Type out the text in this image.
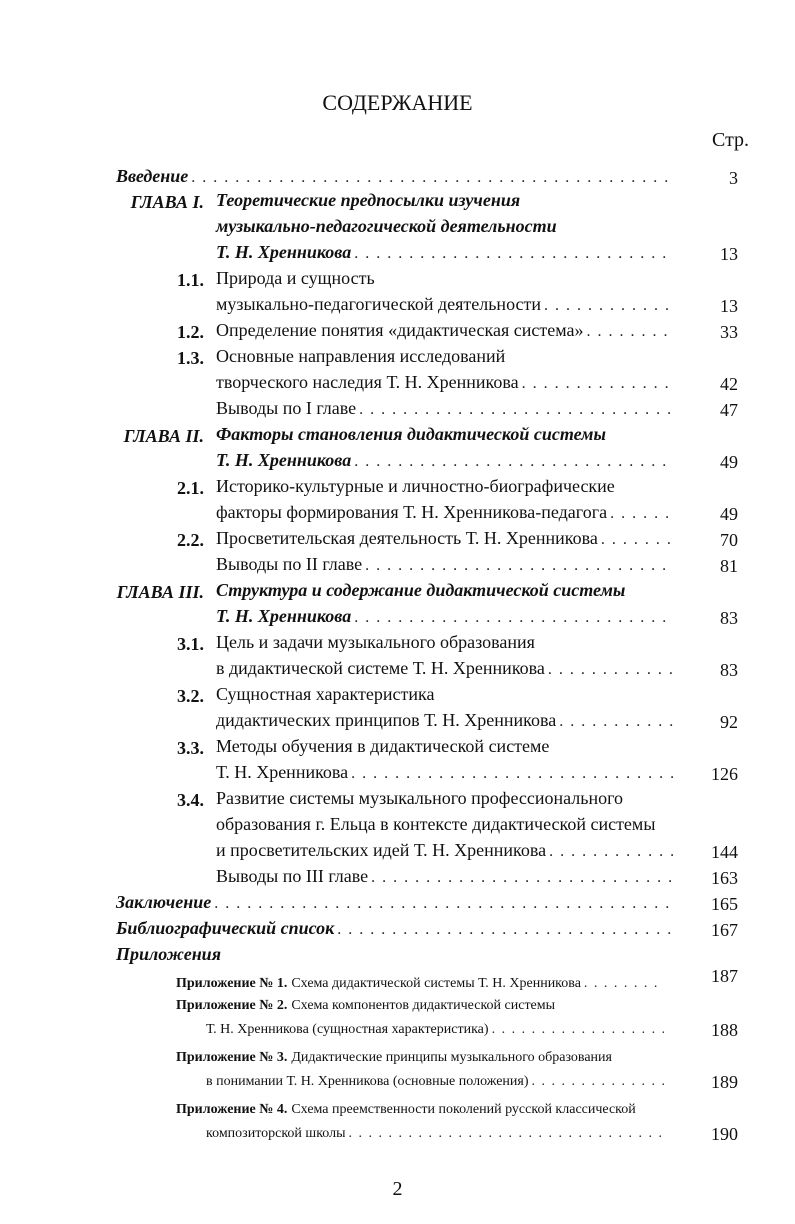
СОДЕРЖАНИЕ
Стр.
Введение . . .	3
ГЛАВА I. Теоретические предпосылки изучения
музыкально-педагогической деятельности
Т. Н. Хренникова . . .	13
1.1. Природа и сущность
музыкально-педагогической деятельности . . .	13
1.2. Определение понятия «дидактическая система» . . .	33
1.3. Основные направления исследований
творческого наследия Т. Н. Хренникова . . .	42
Выводы по I главе . . .	47
ГЛАВА II. Факторы становления дидактической системы
Т. Н. Хренникова . . .	49
2.1. Историко-культурные и личностно-биографические
факторы формирования Т. Н. Хренникова-педагога . . .	49
2.2. Просветительская деятельность Т. Н. Хренникова . . .	70
Выводы по II главе . . .	81
ГЛАВА III. Структура и содержание дидактической системы
Т. Н. Хренникова . . .	83
3.1. Цель и задачи музыкального образования
в дидактической системе Т. Н. Хренникова . . .	83
3.2. Сущностная характеристика
дидактических принципов Т. Н. Хренникова . . .	92
3.3. Методы обучения в дидактической системе
Т. Н. Хренникова . . .	126
3.4. Развитие системы музыкального профессионального
образования г. Ельца в контексте дидактической системы
и просветительских идей Т. Н. Хренникова . . .	144
Выводы по III главе . . .	163
Заключение . . .	165
Библиографический список . . .	167
Приложения
Приложение № 1.
Схема дидактической системы Т. Н. Хренникова . . .	187
Приложение № 2.
Схема компонентов дидактической системы
Т. Н. Хренникова (сущностная характеристика) . . .	188
Приложение № 3.
Дидактические принципы музыкального образования
в понимании Т. Н. Хренникова (основные положения) . . .	189
Приложение № 4.
Схема преемственности поколений русской классической
композиторской школы . . .	190
2
